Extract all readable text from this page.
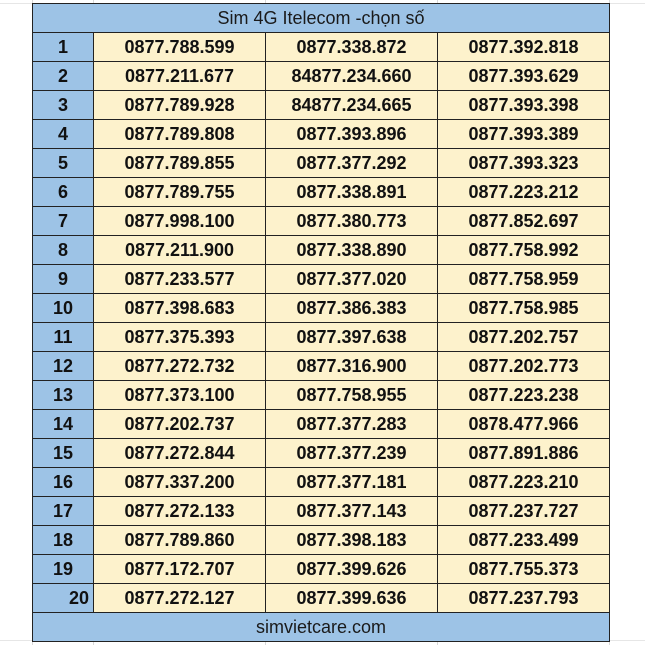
Sim 4G Itelecom -chọn số			
1	0877.788.599	0877.338.872	0877.392.818
2	0877.211.677	84877.234.660	0877.393.629
3	0877.789.928	84877.234.665	0877.393.398
4	0877.789.808	0877.393.896	0877.393.389
5	0877.789.855	0877.377.292	0877.393.323
6	0877.789.755	0877.338.891	0877.223.212
7	0877.998.100	0877.380.773	0877.852.697
8	0877.211.900	0877.338.890	0877.758.992
9	0877.233.577	0877.377.020	0877.758.959
10	0877.398.683	0877.386.383	0877.758.985
11	0877.375.393	0877.397.638	0877.202.757
12	0877.272.732	0877.316.900	0877.202.773
13	0877.373.100	0877.758.955	0877.223.238
14	0877.202.737	0877.377.283	0878.477.966
15	0877.272.844	0877.377.239	0877.891.886
16	0877.337.200	0877.377.181	0877.223.210
17	0877.272.133	0877.377.143	0877.237.727
18	0877.789.860	0877.398.183	0877.233.499
19	0877.172.707	0877.399.626	0877.755.373
20	0877.272.127	0877.399.636	0877.237.793
simvietcare.com			
